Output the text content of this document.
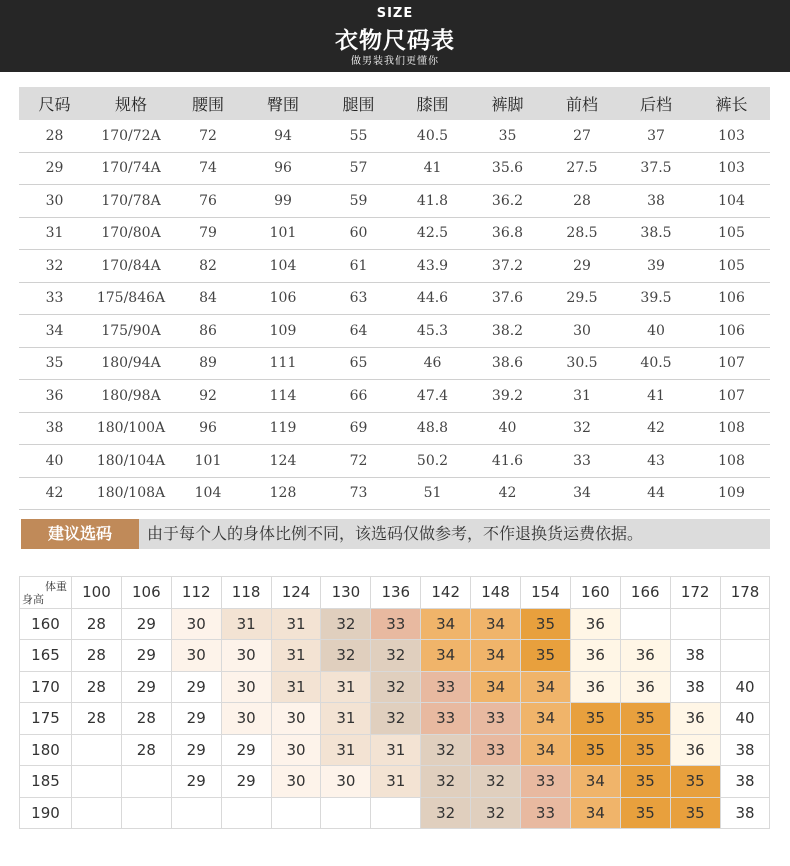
SIZE
衣物尺码表
做男装我们更懂你
尺码	规格	腰围	臀围	腿围	膝围	裤脚	前档	后档	裤长
28	170/72A	72	94	55	40.5	35	27	37	103
29	170/74A	74	96	57	41	35.6	27.5	37.5	103
30	170/78A	76	99	59	41.8	36.2	28	38	104
31	170/80A	79	101	60	42.5	36.8	28.5	38.5	105
32	170/84A	82	104	61	43.9	37.2	29	39	105
33	175/846A	84	106	63	44.6	37.6	29.5	39.5	106
34	175/90A	86	109	64	45.3	38.2	30	40	106
35	180/94A	89	111	65	46	38.6	30.5	40.5	107
36	180/98A	92	114	66	47.4	39.2	31	41	107
38	180/100A	96	119	69	48.8	40	32	42	108
40	180/104A	101	124	72	50.2	41.6	33	43	108
42	180/108A	104	128	73	51	42	34	44	109
建议选码	由于每个人的身体比例不同，该选码仅做参考，不作退换货运费依据。
体重
身高	100	106	112	118	124	130	136	142	148	154	160	166	172	178
160	28	29	30	31	31	32	33	34	34	35	36			
165	28	29	30	30	31	32	32	34	34	35	36	36	38	
170	28	29	29	30	31	31	32	33	34	34	36	36	38	40
175	28	28	29	30	30	31	32	33	33	34	35	35	36	40
180		28	29	29	30	31	31	32	33	34	35	35	36	38
185			29	29	30	30	31	32	32	33	34	35	35	38
190								32	32	33	34	35	35	38
